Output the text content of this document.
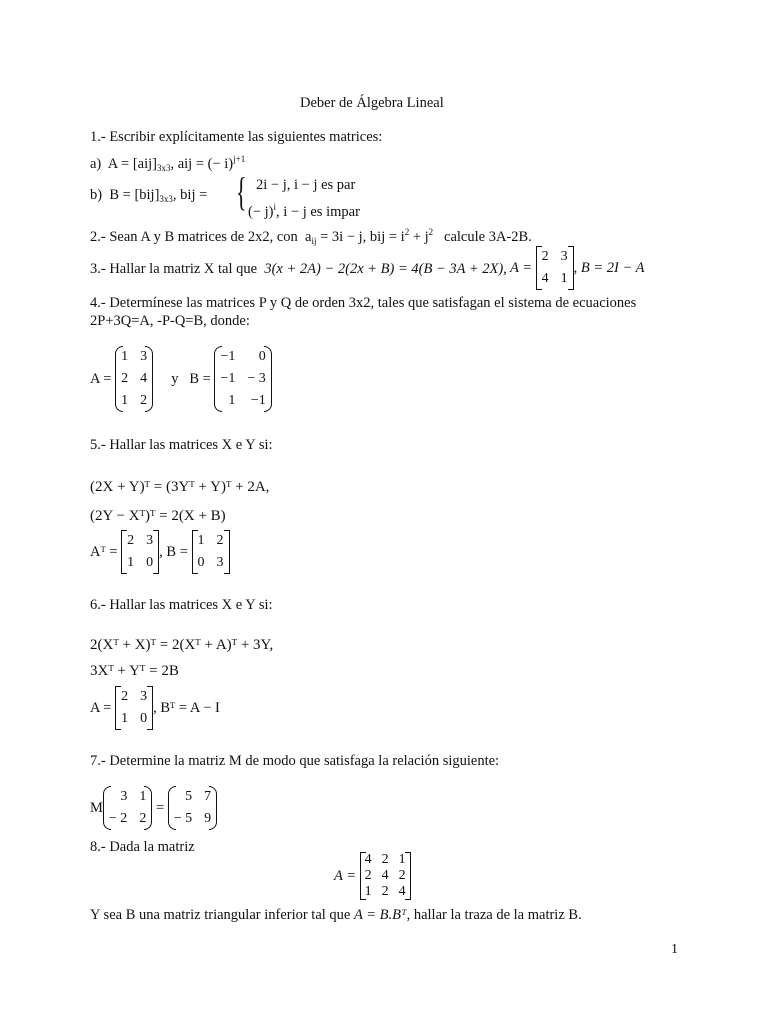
Deber de Álgebra Lineal
1.- Escribir explícitamente las siguientes matrices:
a) $A = [aij]_{3x3}$, aij = (− i)$^{j+1}$
b) $B = [bij]_{3x3}$, bij = { 2i − j, i − j es par
(− j)$^i$, i − j es impar
2.- Sean A y B matrices de 2x2, con $a_{ij} = 3i - j$, bij = $i^2 + j^2$ calcule 3A-2B.
3.- Hallar la matriz X tal que 3(x + 2A) − 2(2x + B) = 4(B − 3A + 2X), A =
2	3
4	1
, B = 2I − A
4.- Determínese las matrices P y Q de orden 3x2, tales que satisfagan el sistema de ecuaciones
2P+3Q=A, -P-Q=B, donde:
A =
1	3
2	4
1	2
y B =
−1	0
−1	− 3
1	−1
5.- Hallar las matrices X e Y si:
(2X + Y)ᵀ = (3Yᵀ + Y)ᵀ + 2A,
(2Y − Xᵀ)ᵀ = 2(X + B)
Aᵀ =
2	3
1	0
, B =
1	2
0	3
6.- Hallar las matrices X e Y si:
2(Xᵀ + X)ᵀ = 2(Xᵀ + A)ᵀ + 3Y,
3Xᵀ + Yᵀ = 2B
A =
2	3
1	0
, Bᵀ = A − I
7.- Determine la matriz M de modo que satisfaga la relación siguiente:
M
3	1
− 2	2
=
5	7
− 5	9
8.- Dada la matriz
A =
4	2	1
2	4	2
1	2	4
Y sea B una matriz triangular inferior tal que A = B.Bᵀ, hallar la traza de la matriz B.
1
